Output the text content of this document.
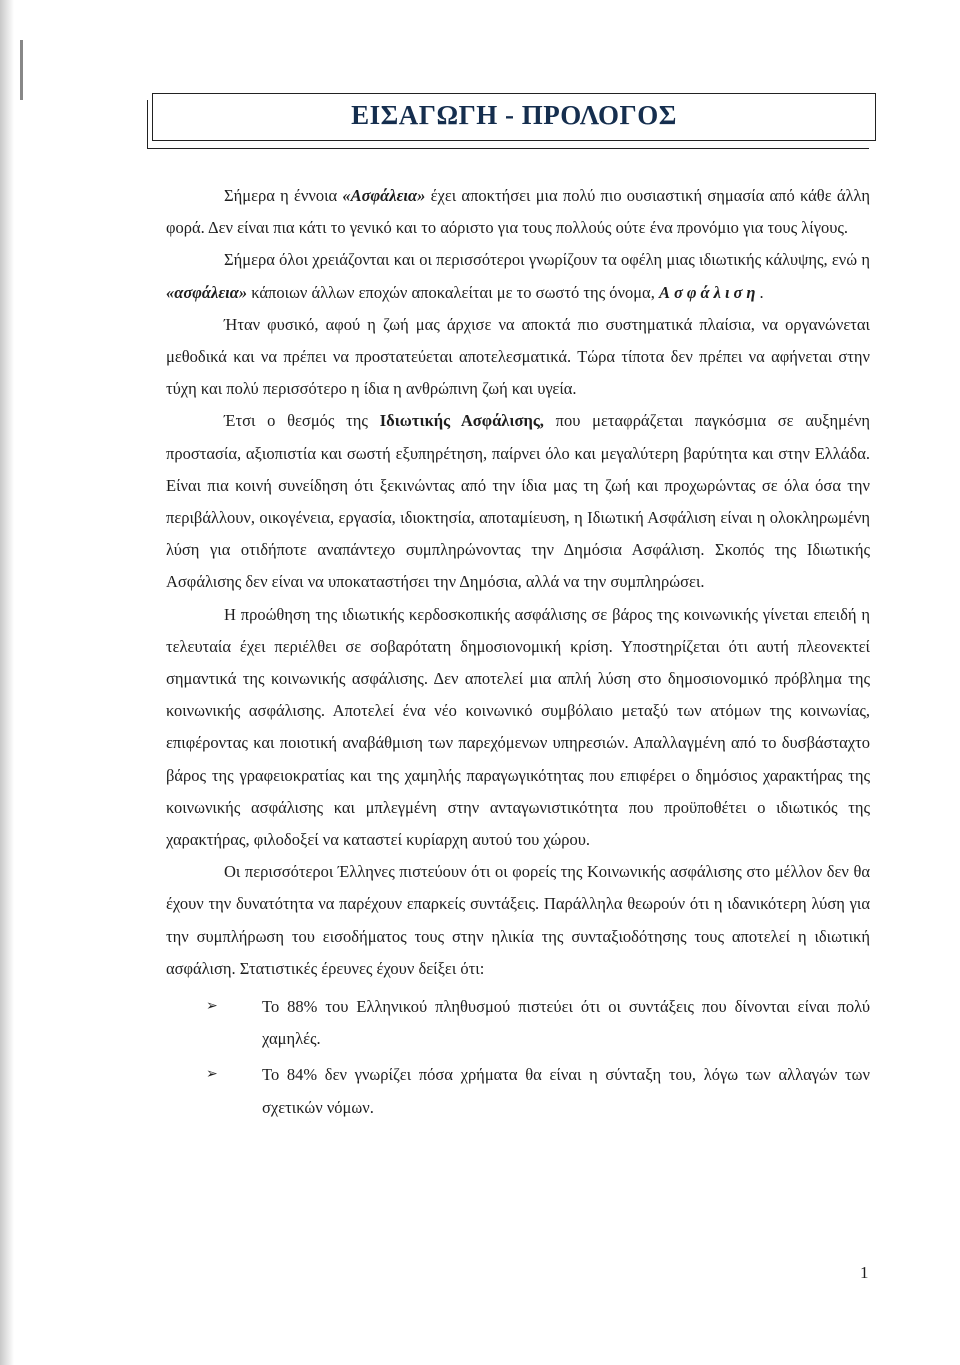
ΕΙΣΑΓΩΓΗ - ΠΡΟΛΟΓΟΣ

Σήμερα η έννοια «Ασφάλεια» έχει αποκτήσει μια πολύ πιο ουσιαστική σημασία από κάθε άλλη φορά. Δεν είναι πια κάτι το γενικό και το αόριστο για τους πολλούς ούτε ένα προνόμιο για τους λίγους.

Σήμερα όλοι χρειάζονται και οι περισσότεροι γνωρίζουν τα οφέλη μιας ιδιωτικής κάλυψης, ενώ η «ασφάλεια» κάποιων άλλων εποχών αποκαλείται με το σωστό της όνομα, Ασφάλιση.

Ήταν φυσικό, αφού η ζωή μας άρχισε να αποκτά πιο συστηματικά πλαίσια, να οργανώνεται μεθοδικά και να πρέπει να προστατεύεται αποτελεσματικά. Τώρα τίποτα δεν πρέπει να αφήνεται στην τύχη και πολύ περισσότερο η ίδια η ανθρώπινη ζωή και υγεία.

Έτσι ο θεσμός της Ιδιωτικής Ασφάλισης, που μεταφράζεται παγκόσμια σε αυξημένη προστασία, αξιοπιστία και σωστή εξυπηρέτηση, παίρνει όλο και μεγαλύτερη βαρύτητα και στην Ελλάδα. Είναι πια κοινή συνείδηση ότι ξεκινώντας από την ίδια μας τη ζωή και προχωρώντας σε όλα όσα την περιβάλλουν, οικογένεια, εργασία, ιδιοκτησία, αποταμίευση, η Ιδιωτική Ασφάλιση είναι η ολοκληρωμένη λύση για οτιδήποτε αναπάντεχο συμπληρώνοντας την Δημόσια Ασφάλιση. Σκοπός της Ιδιωτικής Ασφάλισης δεν είναι να υποκαταστήσει την Δημόσια, αλλά να την συμπληρώσει.

Η προώθηση της ιδιωτικής κερδοσκοπικής ασφάλισης σε βάρος της κοινωνικής γίνεται επειδή η τελευταία έχει περιέλθει σε σοβαρότατη δημοσιονομική κρίση. Υποστηρίζεται ότι αυτή πλεονεκτεί σημαντικά της κοινωνικής ασφάλισης. Δεν αποτελεί μια απλή λύση στο δημοσιονομικό πρόβλημα της κοινωνικής ασφάλισης. Αποτελεί ένα νέο κοινωνικό συμβόλαιο μεταξύ των ατόμων της κοινωνίας, επιφέροντας και ποιοτική αναβάθμιση των παρεχόμενων υπηρεσιών. Απαλλαγμένη από το δυσβάσταχτο βάρος της γραφειοκρατίας και της χαμηλής παραγωγικότητας που επιφέρει ο δημόσιος χαρακτήρας της κοινωνικής ασφάλισης και μπλεγμένη στην ανταγωνιστικότητα που προϋποθέτει ο ιδιωτικός της χαρακτήρας, φιλοδοξεί να καταστεί κυρίαρχη αυτού του χώρου.

Οι περισσότεροι Έλληνες πιστεύουν ότι οι φορείς της Κοινωνικής ασφάλισης στο μέλλον δεν θα έχουν την δυνατότητα να παρέχουν επαρκείς συντάξεις. Παράλληλα θεωρούν ότι η ιδανικότερη λύση για την συμπλήρωση του εισοδήματος τους στην ηλικία της συνταξιοδότησης τους αποτελεί η ιδιωτική ασφάλιση. Στατιστικές έρευνες έχουν δείξει ότι:

➢	Το 88% του Ελληνικού πληθυσμού πιστεύει ότι οι συντάξεις που δίνονται είναι πολύ χαμηλές.
➢	Το 84% δεν γνωρίζει πόσα χρήματα θα είναι η σύνταξη του, λόγω των αλλαγών των σχετικών νόμων.
1
